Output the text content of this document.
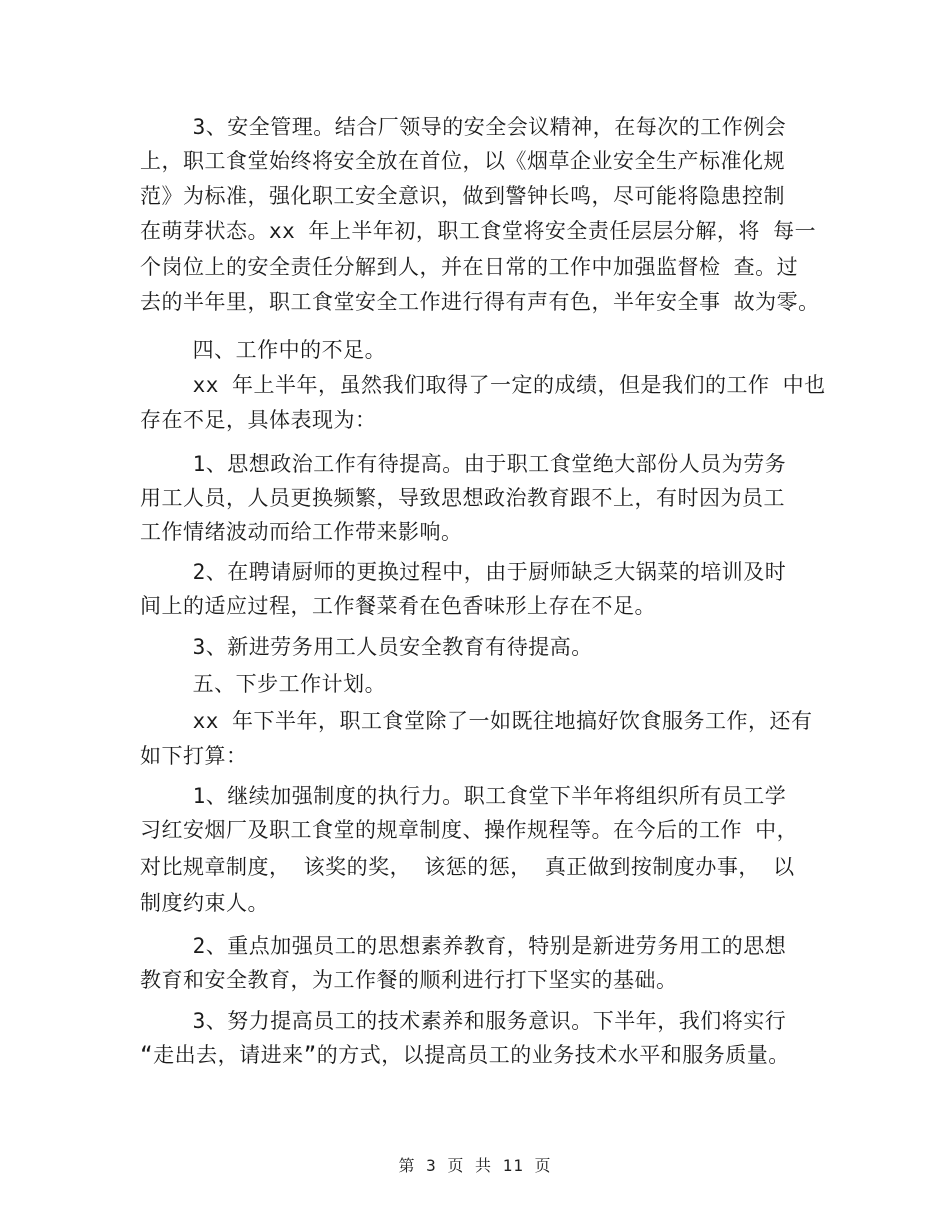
3、安全管理。结合厂领导的安全会议精神，在每次的工作例会
上，职工食堂始终将安全放在首位，以《烟草企业安全生产标准化规
范》为标准，强化职工安全意识，做到警钟长鸣，尽可能将隐患控制
在萌芽状态。xx 年上半年初，职工食堂将安全责任层层分解，将 每一
个岗位上的安全责任分解到人，并在日常的工作中加强监督检 查。过
去的半年里，职工食堂安全工作进行得有声有色，半年安全事 故为零。
四、工作中的不足。
xx 年上半年，虽然我们取得了一定的成绩，但是我们的工作 中也
存在不足，具体表现为：
1、思想政治工作有待提高。由于职工食堂绝大部份人员为劳务
用工人员，人员更换频繁，导致思想政治教育跟不上，有时因为员工
工作情绪波动而给工作带来影响。
2、在聘请厨师的更换过程中，由于厨师缺乏大锅菜的培训及时
间上的适应过程，工作餐菜肴在色香味形上存在不足。
3、新进劳务用工人员安全教育有待提高。
五、下步工作计划。
xx 年下半年，职工食堂除了一如既往地搞好饮食服务工作，还有
如下打算：
1、继续加强制度的执行力。职工食堂下半年将组织所有员工学
习红安烟厂及职工食堂的规章制度、操作规程等。在今后的工作 中，
对比规章制度， 该奖的奖， 该惩的惩， 真正做到按制度办事， 以
制度约束人。
2、重点加强员工的思想素养教育，特别是新进劳务用工的思想
教育和安全教育，为工作餐的顺利进行打下坚实的基础。
3、努力提高员工的技术素养和服务意识。下半年，我们将实行
“走出去，请进来”的方式，以提高员工的业务技术水平和服务质量。
第 3 页 共 11 页
